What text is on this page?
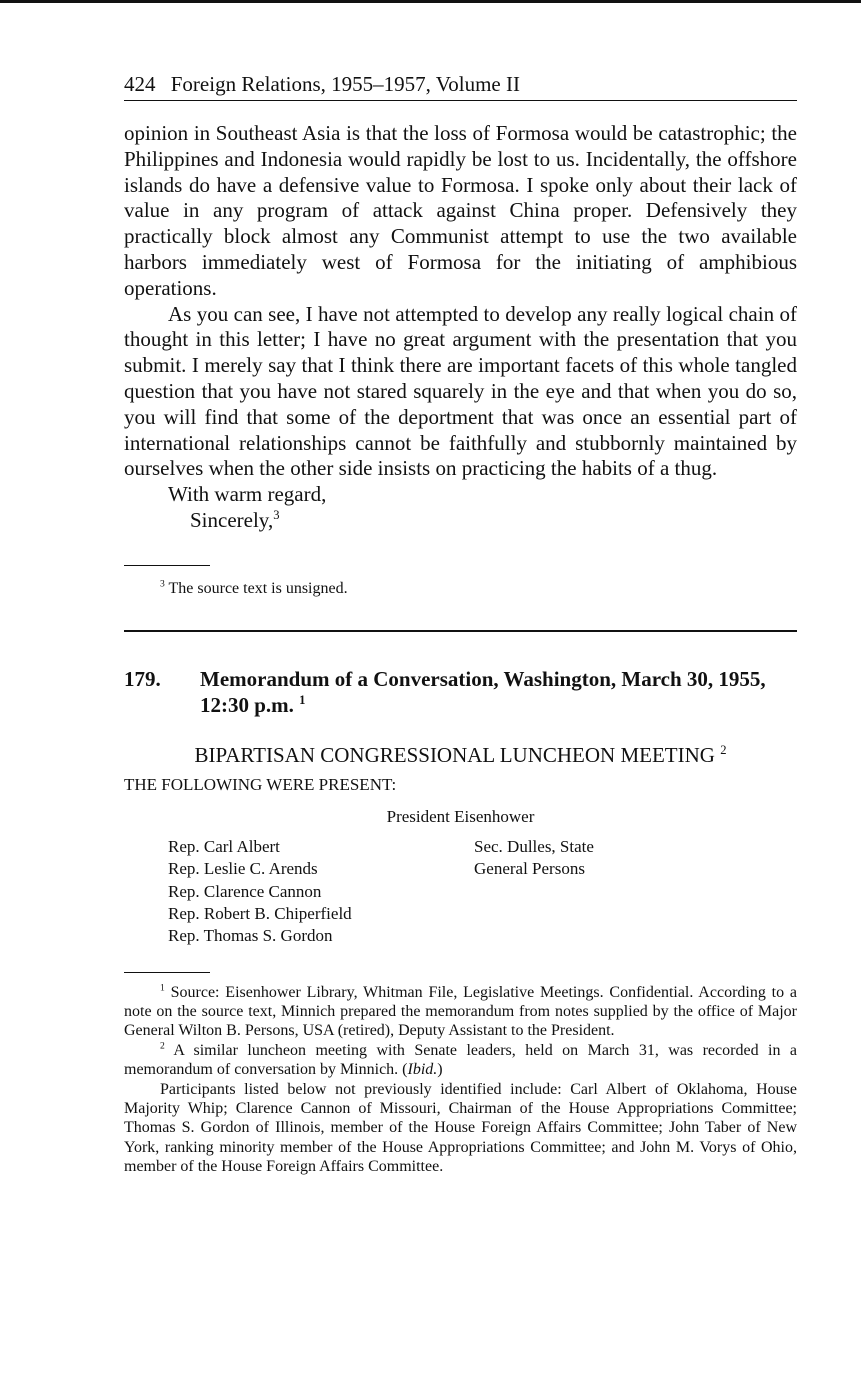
424 Foreign Relations, 1955–1957, Volume II

opinion in Southeast Asia is that the loss of Formosa would be catastrophic; the Philippines and Indonesia would rapidly be lost to us. Incidentally, the offshore islands do have a defensive value to Formosa. I spoke only about their lack of value in any program of attack against China proper. Defensively they practically block almost any Communist attempt to use the two available harbors immediately west of Formosa for the initiating of amphibious operations.

As you can see, I have not attempted to develop any really logical chain of thought in this letter; I have no great argument with the presentation that you submit. I merely say that I think there are important facets of this whole tangled question that you have not stared squarely in the eye and that when you do so, you will find that some of the deportment that was once an essential part of international relationships cannot be faithfully and stubbornly maintained by ourselves when the other side insists on practicing the habits of a thug.

With warm regard,

Sincerely,$^3$

$^3$ The source text is unsigned.

179.	Memorandum of a Conversation, Washington, March 30, 1955, 12:30 p.m. $^1$
BIPARTISAN CONGRESSIONAL LUNCHEON MEETING $^2$
THE FOLLOWING WERE PRESENT:
President Eisenhower
Rep. Carl Albert
Rep. Leslie C. Arends
Rep. Clarence Cannon
Rep. Robert B. Chiperfield
Rep. Thomas S. Gordon
Sec. Dulles, State
General Persons

$^1$ Source: Eisenhower Library, Whitman File, Legislative Meetings. Confidential. According to a note on the source text, Minnich prepared the memorandum from notes supplied by the office of Major General Wilton B. Persons, USA (retired), Deputy Assistant to the President.

$^2$ A similar luncheon meeting with Senate leaders, held on March 31, was recorded in a memorandum of conversation by Minnich. (Ibid.)

Participants listed below not previously identified include: Carl Albert of Oklahoma, House Majority Whip; Clarence Cannon of Missouri, Chairman of the House Appropriations Committee; Thomas S. Gordon of Illinois, member of the House Foreign Affairs Committee; John Taber of New York, ranking minority member of the House Appropriations Committee; and John M. Vorys of Ohio, member of the House Foreign Affairs Committee.
